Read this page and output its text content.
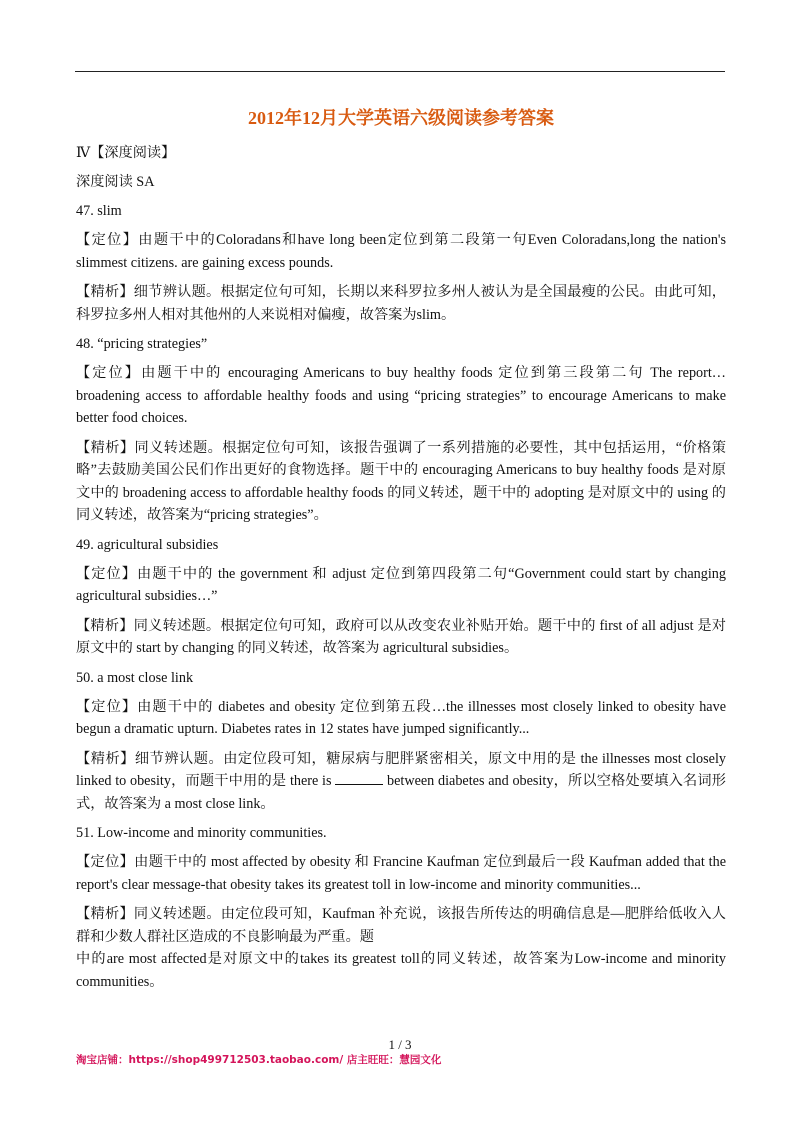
2012年12月大学英语六级阅读参考答案
Ⅳ【深度阅读】
深度阅读 SA
47. slim
【定位】由题干中的Coloradans和have long been定位到第二段第一句Even Coloradans,long the nation's slimmest citizens. are gaining excess pounds.
【精析】细节辨认题。根据定位句可知，长期以来科罗拉多州人被认为是全国最瘦的公民。由此可知，科罗拉多州人相对其他州的人来说相对偏瘦，故答案为slim。
48. “pricing strategies”
【定位】由题干中的 encouraging Americans to buy healthy foods 定位到第三段第二句 The report… broadening access to affordable healthy foods and using “pricing strategies” to encourage Americans to make better food choices.
【精析】同义转述题。根据定位句可知，该报告强调了一系列措施的必要性，其中包括运用，“价格策略”去鼓励美国公民们作出更好的食物选择。题干中的 encouraging Americans to buy healthy foods 是对原文中的 broadening access to affordable healthy foods 的同义转述，题干中的 adopting 是对原文中的 using 的同义转述，故答案为“pricing strategies”。
49. agricultural subsidies
【定位】由题干中的 the government 和 adjust 定位到第四段第二句“Government could start by changing agricultural subsidies…”
【精析】同义转述题。根据定位句可知，政府可以从改变农业补贴开始。题干中的 first of all adjust 是对原文中的 start by changing 的同义转述，故答案为 agricultural subsidies。
50. a most close link
【定位】由题干中的 diabetes and obesity 定位到第五段…the illnesses most closely linked to obesity have begun a dramatic upturn. Diabetes rates in 12 states have jumped significantly...
【精析】细节辨认题。由定位段可知，糖尿病与肥胖紧密相关，原文中用的是 the illnesses most closely linked to obesity，而题干中用的是 there is	between diabetes and obesity，所以空格处要填入名词形式，故答案为 a most close link。
51. Low-income and minority communities.
【定位】由题干中的 most affected by obesity 和 Francine Kaufman 定位到最后一段 Kaufman added that the report's clear message-that obesity takes its greatest toll in low-income and minority communities...
【精析】同义转述题。由定位段可知，Kaufman 补充说，该报告所传达的明确信息是—肥胖给低收入人群和少数人群社区造成的不良影响最为严重。题
中的are most affected是对原文中的takes its greatest toll的同义转述，故答案为Low-income and minority communities。
1 / 3
淘宝店铺：https://shop499712503.taobao.com/ 店主旺旺：慧园文化
